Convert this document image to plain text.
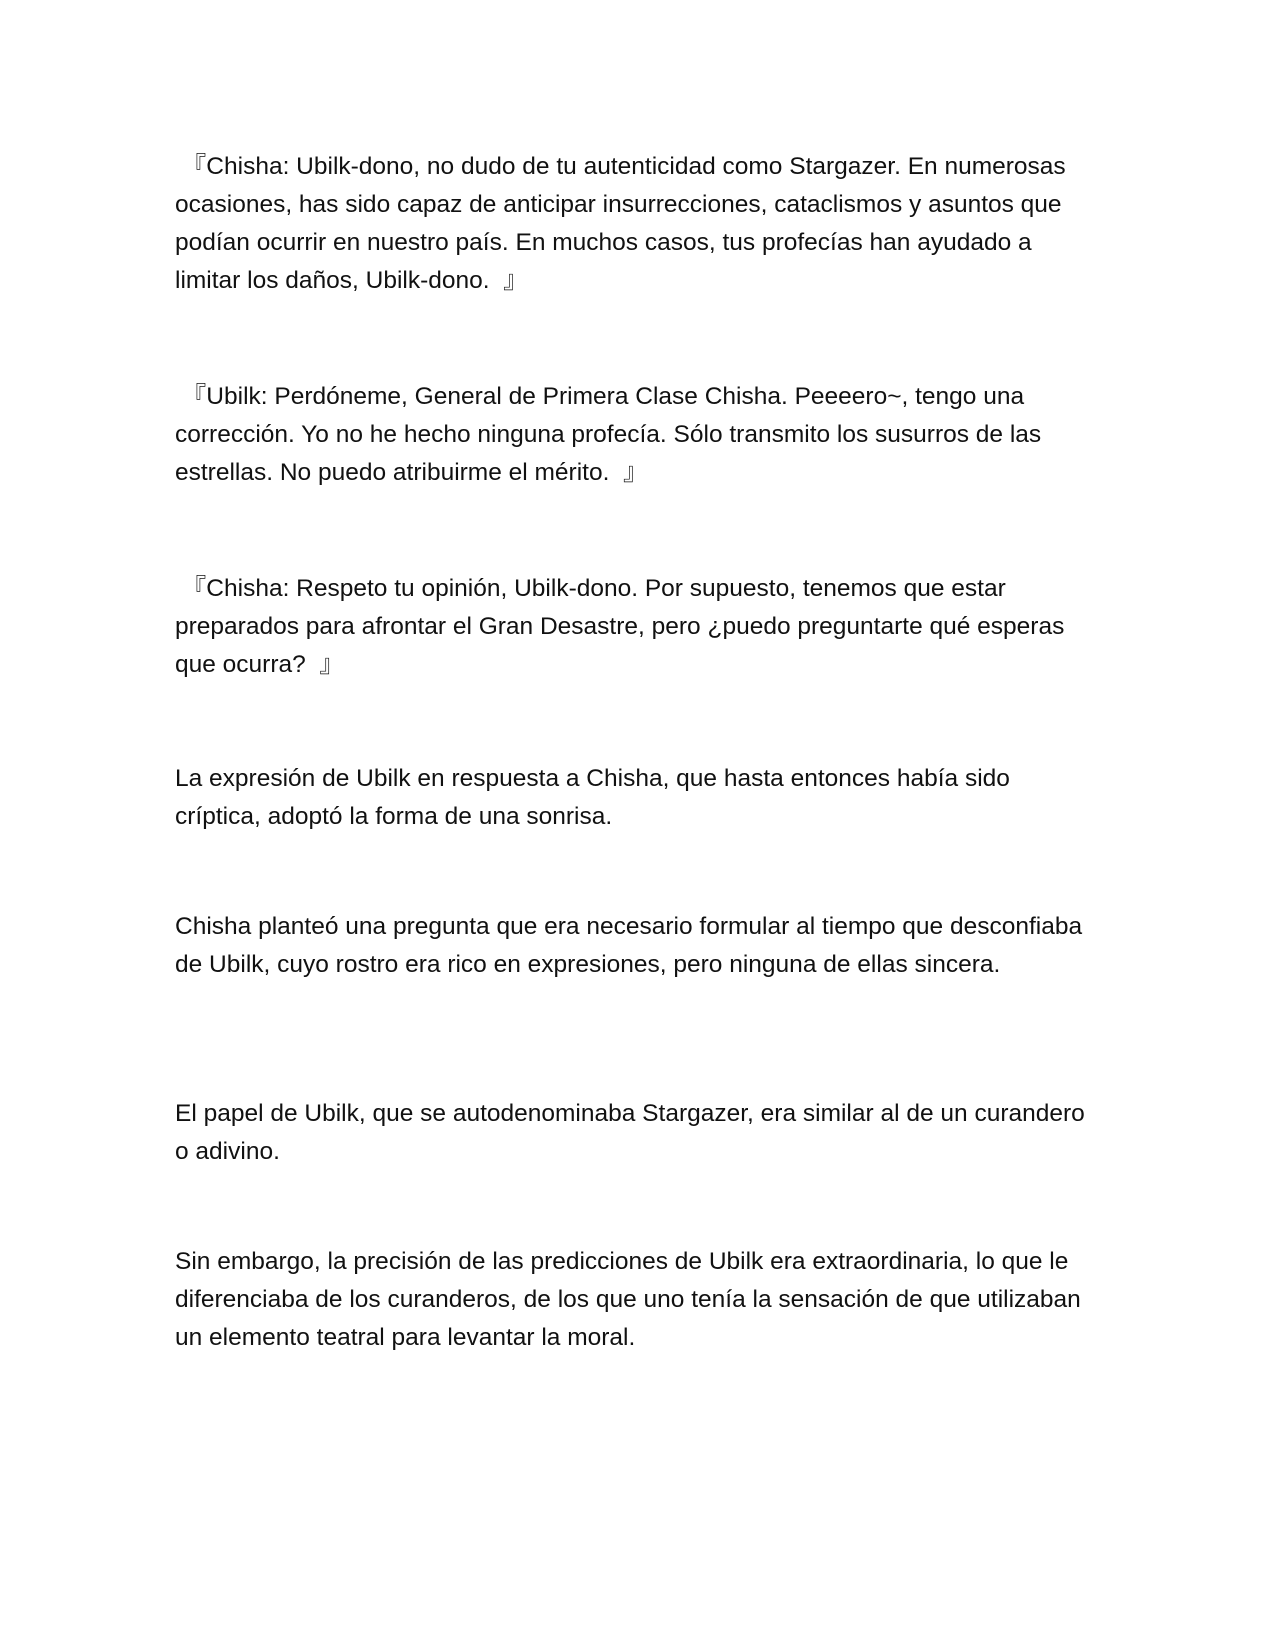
『Chisha: Ubilk-dono, no dudo de tu autenticidad como Stargazer. En numerosas ocasiones, has sido capaz de anticipar insurrecciones, cataclismos y asuntos que podían ocurrir en nuestro país. En muchos casos, tus profecías han ayudado a limitar los daños, Ubilk-dono.  』

『Ubilk: Perdóneme, General de Primera Clase Chisha. Peeeero~, tengo una corrección. Yo no he hecho ninguna profecía. Sólo transmito los susurros de las estrellas. No puedo atribuirme el mérito.  』

『Chisha: Respeto tu opinión, Ubilk-dono. Por supuesto, tenemos que estar preparados para afrontar el Gran Desastre, pero ¿puedo preguntarte qué esperas que ocurra?  』

La expresión de Ubilk en respuesta a Chisha, que hasta entonces había sido críptica, adoptó la forma de una sonrisa.

Chisha planteó una pregunta que era necesario formular al tiempo que desconfiaba de Ubilk, cuyo rostro era rico en expresiones, pero ninguna de ellas sincera.

El papel de Ubilk, que se autodenominaba Stargazer, era similar al de un curandero o adivino.

Sin embargo, la precisión de las predicciones de Ubilk era extraordinaria, lo que le diferenciaba de los curanderos, de los que uno tenía la sensación de que utilizaban un elemento teatral para levantar la moral.
